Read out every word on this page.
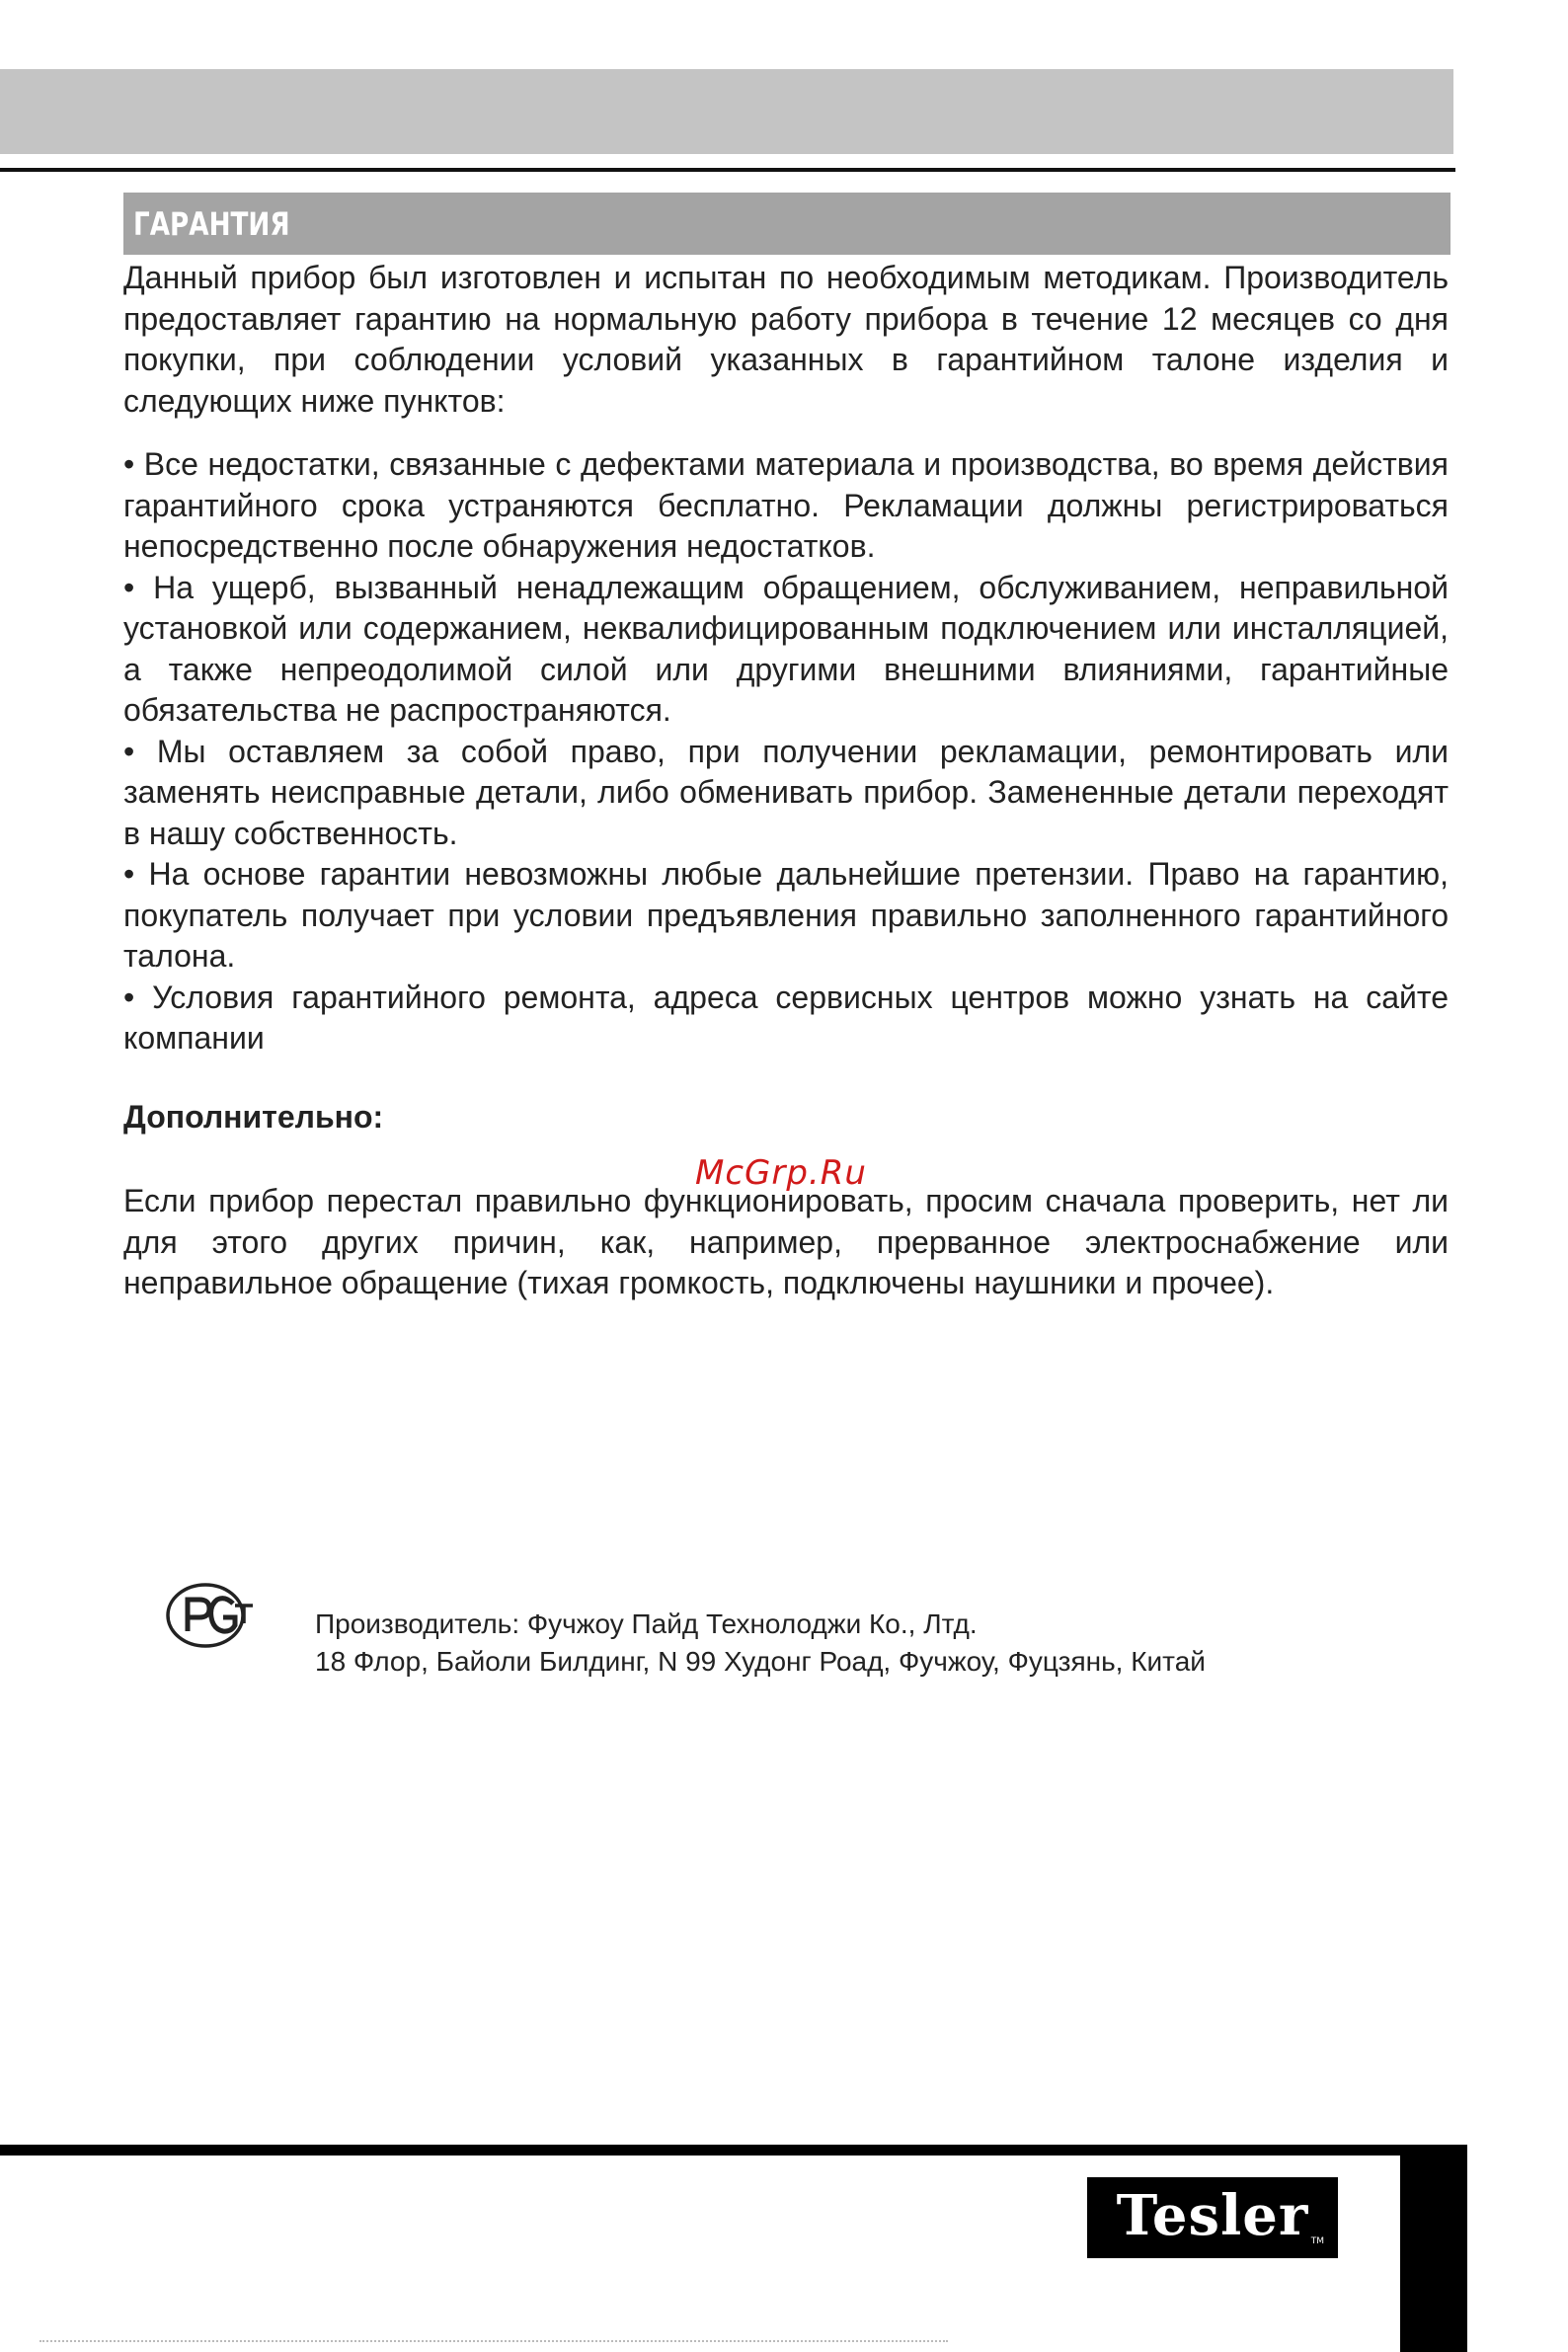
ГАРАНТИЯ

Данный прибор был изготовлен и испытан по необходимым методикам. Производитель предоставляет гарантию на нормальную работу прибора в течение 12 месяцев со дня покупки, при соблюдении условий указанных в гарантийном талоне изделия и следующих ниже пунктов:

• Все недостатки, связанные с дефектами материала и производства, во время действия гарантийного срока устраняются бесплатно. Рекламации должны регистрироваться непосредственно после обнаружения недостатков.

• На ущерб, вызванный ненадлежащим обращением, обслуживанием, неправильной установкой или содержанием, неквалифицированным подключением или инсталляцией, а также непреодолимой силой или другими внешними влияниями, гарантийные обязательства не распространяются.

• Мы оставляем за собой право, при получении рекламации, ремонтировать или заменять неисправные детали, либо обменивать прибор. Замененные детали переходят в нашу собственность.

• На основе гарантии невозможны любые дальнейшие претензии. Право на гарантию, покупатель получает при условии предъявления правильно заполненного гарантийного талона.

• Условия гарантийного ремонта, адреса сервисных центров можно узнать на сайте компании

Дополнительно:

McGrp.Ru

Если прибор перестал правильно функционировать, просим сначала проверить, нет ли для этого других причин, как, например, прерванное электроснабжение или неправильное обращение (тихая громкость, подключены наушники и прочее).

Производитель: Фучжоу Пайд Технолоджи Ко., Лтд.
18 Флор, Байоли Билдинг, N 99 Худонг Роад, Фучжоу, Фуцзянь, Китай
Tesler $_{TM}$
